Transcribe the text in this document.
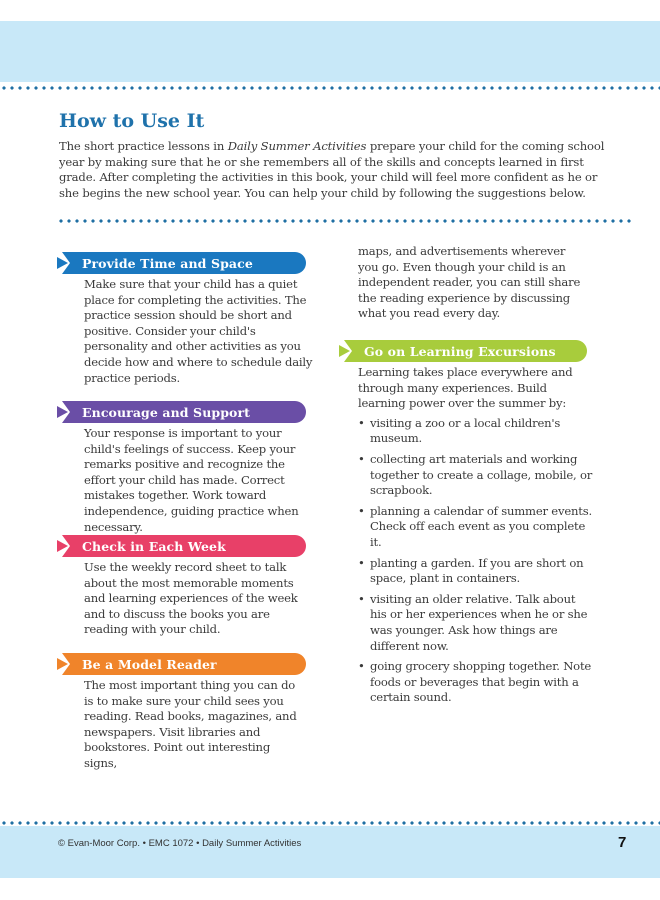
How to Use It

The short practice lessons in Daily Summer Activities prepare your child for the coming school year by making sure that he or she remembers all of the skills and concepts learned in first grade. After completing the activities in this book, your child will feel more confident as he or she begins the new school year. You can help your child by following the suggestions below.

Provide Time and Space

Make sure that your child has a quiet place for completing the activities. The practice session should be short and positive. Consider your child's personality and other activities as you decide how and where to schedule daily practice periods.

Encourage and Support

Your response is important to your child's feelings of success. Keep your remarks positive and recognize the effort your child has made. Correct mistakes together. Work toward independence, guiding practice when necessary.

Check in Each Week

Use the weekly record sheet to talk about the most memorable moments and learning experiences of the week and to discuss the books you are reading with your child.

Be a Model Reader

The most important thing you can do is to make sure your child sees you reading. Read books, magazines, and newspapers. Visit libraries and bookstores. Point out interesting signs,

maps, and advertisements wherever you go. Even though your child is an independent reader, you can still share the reading experience by discussing what you read every day.

Go on Learning Excursions

Learning takes place everywhere and through many experiences. Build learning power over the summer by:

• visiting a zoo or a local children's museum.
• collecting art materials and working together to create a collage, mobile, or scrapbook.
• planning a calendar of summer events. Check off each event as you complete it.
• planting a garden. If you are short on space, plant in containers.
• visiting an older relative. Talk about his or her experiences when he or she was younger. Ask how things are different now.
• going grocery shopping together. Note foods or beverages that begin with a certain sound.
© Evan-Moor Corp. • EMC 1072 • Daily Summer Activities	7
